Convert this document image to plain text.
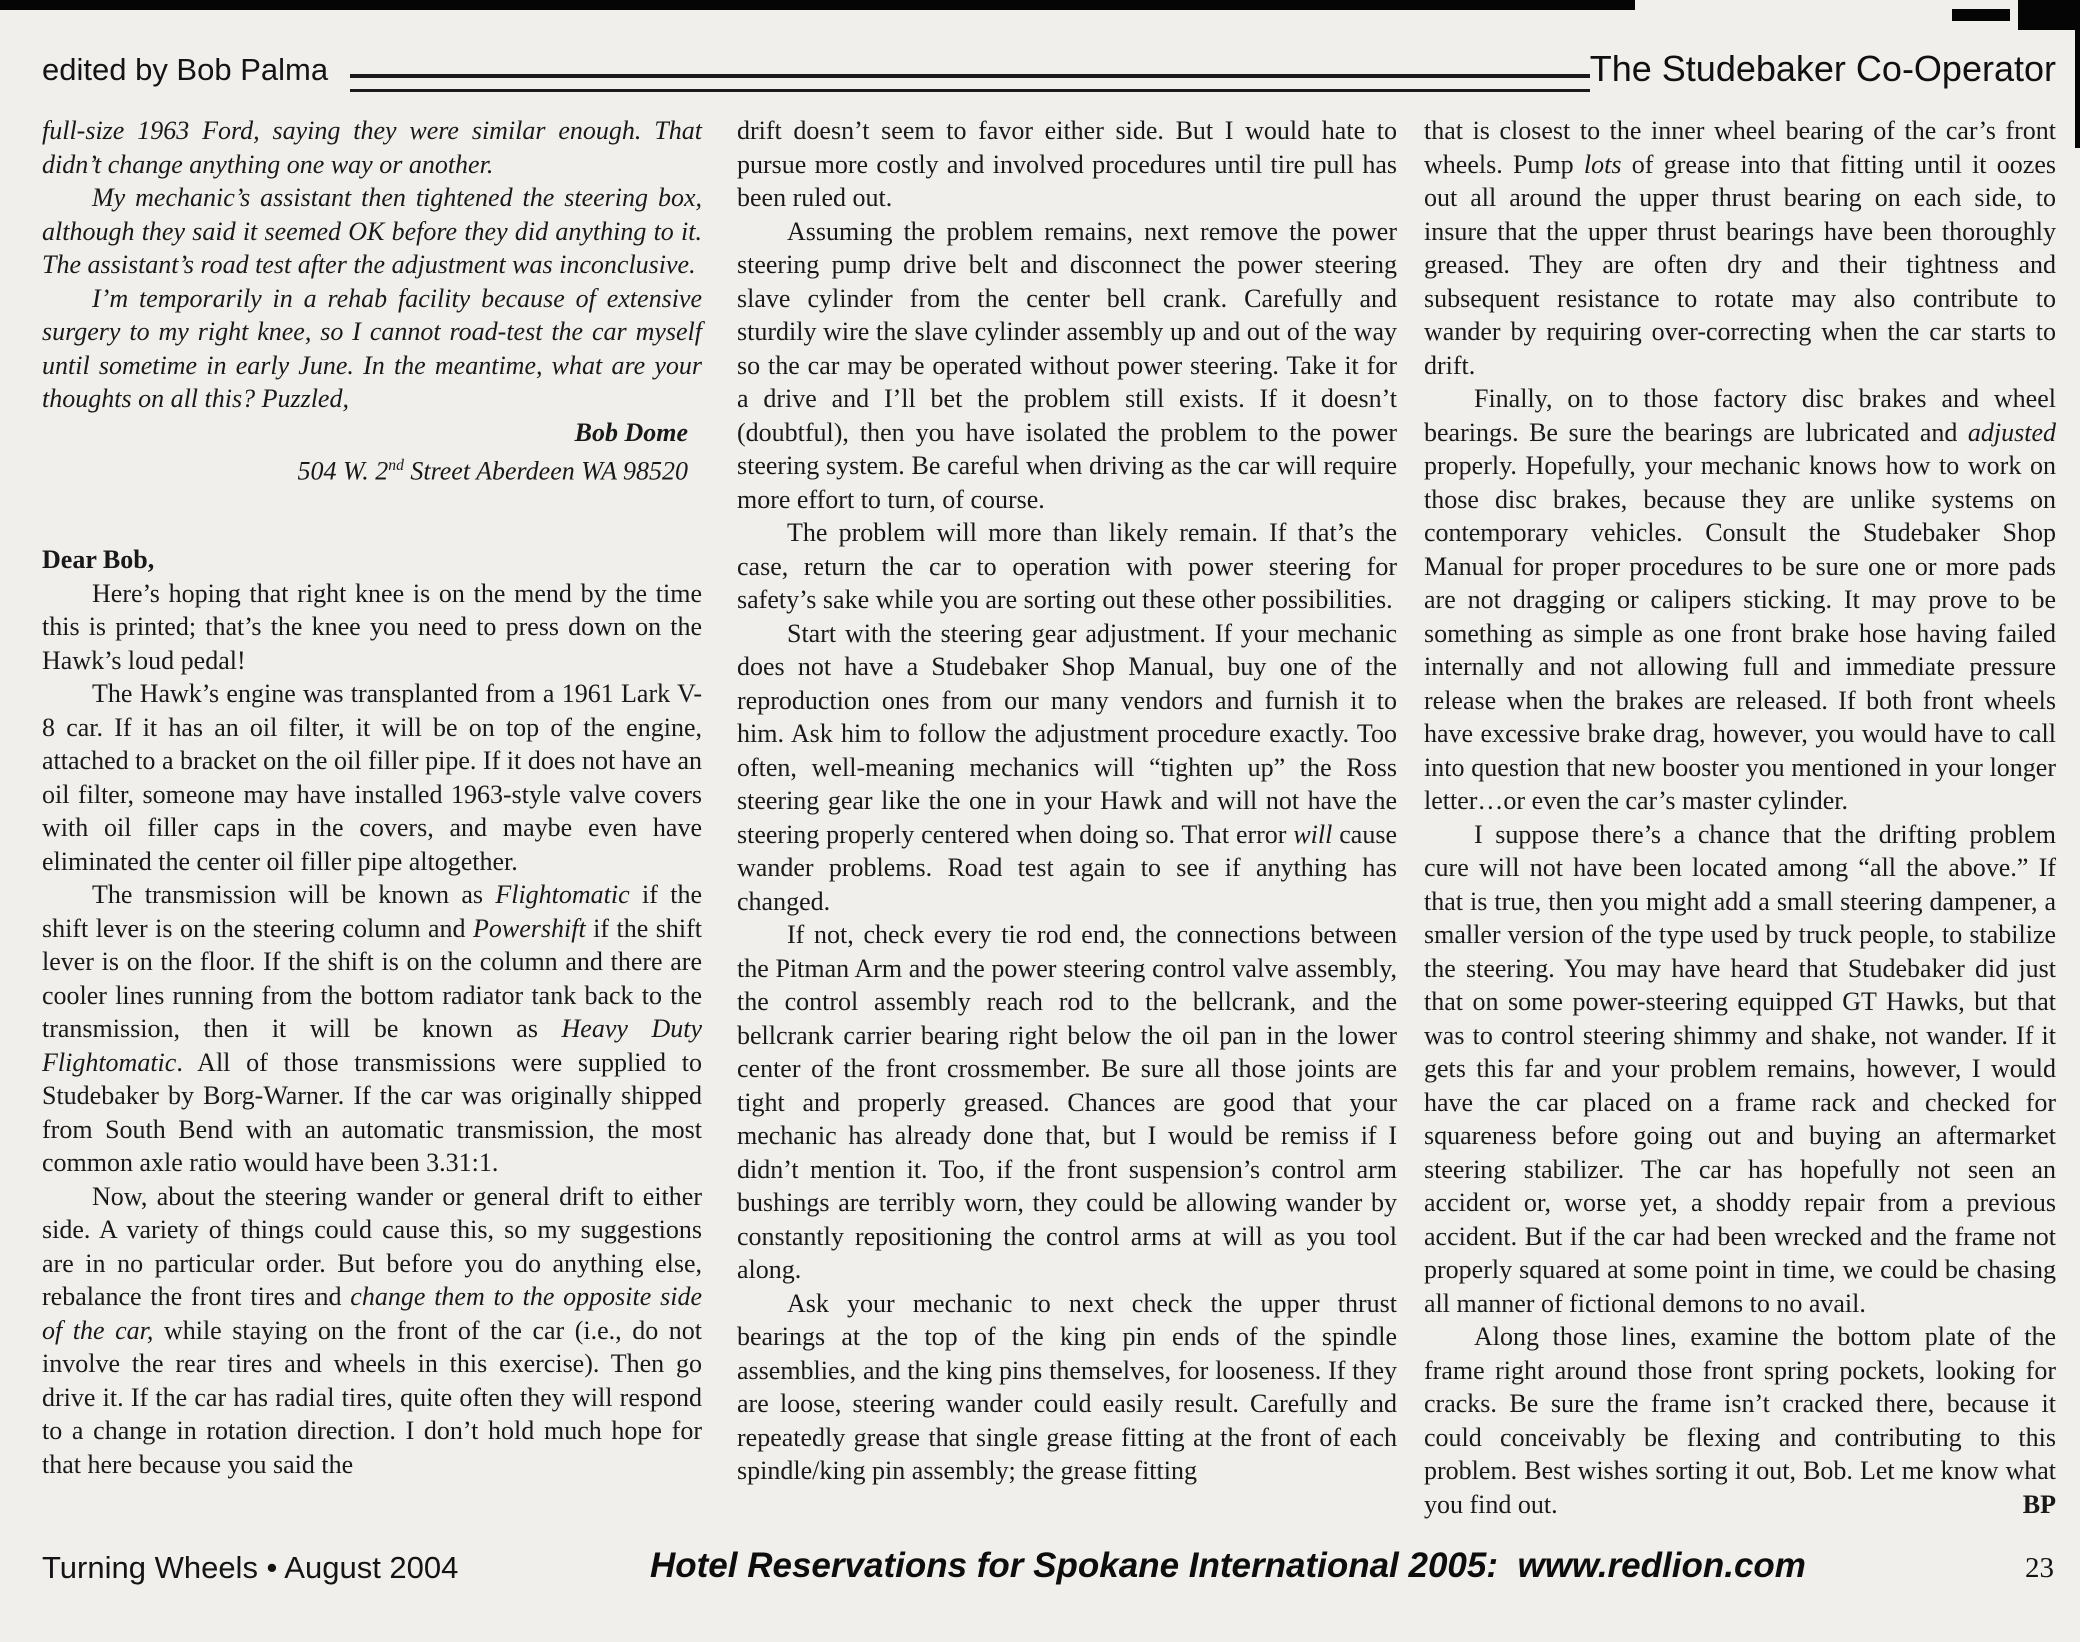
edited by Bob Palma	The Studebaker Co-Operator
full-size 1963 Ford, saying they were similar enough. That didn’t change anything one way or another.
My mechanic’s assistant then tightened the steering box, although they said it seemed OK before they did anything to it. The assistant’s road test after the adjustment was inconclusive.
I’m temporarily in a rehab facility because of extensive surgery to my right knee, so I cannot road-test the car myself until sometime in early June. In the meantime, what are your thoughts on all this? Puzzled,
Bob Dome
504 W. 2nd Street Aberdeen WA 98520
Dear Bob,
Here’s hoping that right knee is on the mend by the time this is printed; that’s the knee you need to press down on the Hawk’s loud pedal!
The Hawk’s engine was transplanted from a 1961 Lark V-8 car. If it has an oil filter, it will be on top of the engine, attached to a bracket on the oil filler pipe. If it does not have an oil filter, someone may have installed 1963-style valve covers with oil filler caps in the covers, and maybe even have eliminated the center oil filler pipe altogether.
The transmission will be known as Flightomatic if the shift lever is on the steering column and Powershift if the shift lever is on the floor. If the shift is on the column and there are cooler lines running from the bottom radiator tank back to the transmission, then it will be known as Heavy Duty Flightomatic. All of those transmissions were supplied to Studebaker by Borg-Warner. If the car was originally shipped from South Bend with an automatic transmission, the most common axle ratio would have been 3.31:1.
Now, about the steering wander or general drift to either side. A variety of things could cause this, so my suggestions are in no particular order. But before you do anything else, rebalance the front tires and change them to the opposite side of the car, while staying on the front of the car (i.e., do not involve the rear tires and wheels in this exercise). Then go drive it. If the car has radial tires, quite often they will respond to a change in rotation direction. I don’t hold much hope for that here because you said the
drift doesn’t seem to favor either side. But I would hate to pursue more costly and involved procedures until tire pull has been ruled out.
Assuming the problem remains, next remove the power steering pump drive belt and disconnect the power steering slave cylinder from the center bell crank. Carefully and sturdily wire the slave cylinder assembly up and out of the way so the car may be operated without power steering. Take it for a drive and I’ll bet the problem still exists. If it doesn’t (doubtful), then you have isolated the problem to the power steering system. Be careful when driving as the car will require more effort to turn, of course.
The problem will more than likely remain. If that’s the case, return the car to operation with power steering for safety’s sake while you are sorting out these other possibilities.
Start with the steering gear adjustment. If your mechanic does not have a Studebaker Shop Manual, buy one of the reproduction ones from our many vendors and furnish it to him. Ask him to follow the adjustment procedure exactly. Too often, well-meaning mechanics will “tighten up” the Ross steering gear like the one in your Hawk and will not have the steering properly centered when doing so. That error will cause wander problems. Road test again to see if anything has changed.
If not, check every tie rod end, the connections between the Pitman Arm and the power steering control valve assembly, the control assembly reach rod to the bellcrank, and the bellcrank carrier bearing right below the oil pan in the lower center of the front crossmember. Be sure all those joints are tight and properly greased. Chances are good that your mechanic has already done that, but I would be remiss if I didn’t mention it. Too, if the front suspension’s control arm bushings are terribly worn, they could be allowing wander by constantly repositioning the control arms at will as you tool along.
Ask your mechanic to next check the upper thrust bearings at the top of the king pin ends of the spindle assemblies, and the king pins themselves, for looseness. If they are loose, steering wander could easily result. Carefully and repeatedly grease that single grease fitting at the front of each spindle/king pin assembly; the grease fitting
that is closest to the inner wheel bearing of the car’s front wheels. Pump lots of grease into that fitting until it oozes out all around the upper thrust bearing on each side, to insure that the upper thrust bearings have been thoroughly greased. They are often dry and their tightness and subsequent resistance to rotate may also contribute to wander by requiring over-correcting when the car starts to drift.
Finally, on to those factory disc brakes and wheel bearings. Be sure the bearings are lubricated and adjusted properly. Hopefully, your mechanic knows how to work on those disc brakes, because they are unlike systems on contemporary vehicles. Consult the Studebaker Shop Manual for proper procedures to be sure one or more pads are not dragging or calipers sticking. It may prove to be something as simple as one front brake hose having failed internally and not allowing full and immediate pressure release when the brakes are released. If both front wheels have excessive brake drag, however, you would have to call into question that new booster you mentioned in your longer letter…or even the car’s master cylinder.
I suppose there’s a chance that the drifting problem cure will not have been located among “all the above.” If that is true, then you might add a small steering dampener, a smaller version of the type used by truck people, to stabilize the steering. You may have heard that Studebaker did just that on some power-steering equipped GT Hawks, but that was to control steering shimmy and shake, not wander. If it gets this far and your problem remains, however, I would have the car placed on a frame rack and checked for squareness before going out and buying an aftermarket steering stabilizer. The car has hopefully not seen an accident or, worse yet, a shoddy repair from a previous accident. But if the car had been wrecked and the frame not properly squared at some point in time, we could be chasing all manner of fictional demons to no avail.
Along those lines, examine the bottom plate of the frame right around those front spring pockets, looking for cracks. Be sure the frame isn’t cracked there, because it could conceivably be flexing and contributing to this problem. Best wishes sorting it out, Bob. Let me know what you find out.	BP
Turning Wheels • August 2004	Hotel Reservations for Spokane International 2005:  www.redlion.com	23
